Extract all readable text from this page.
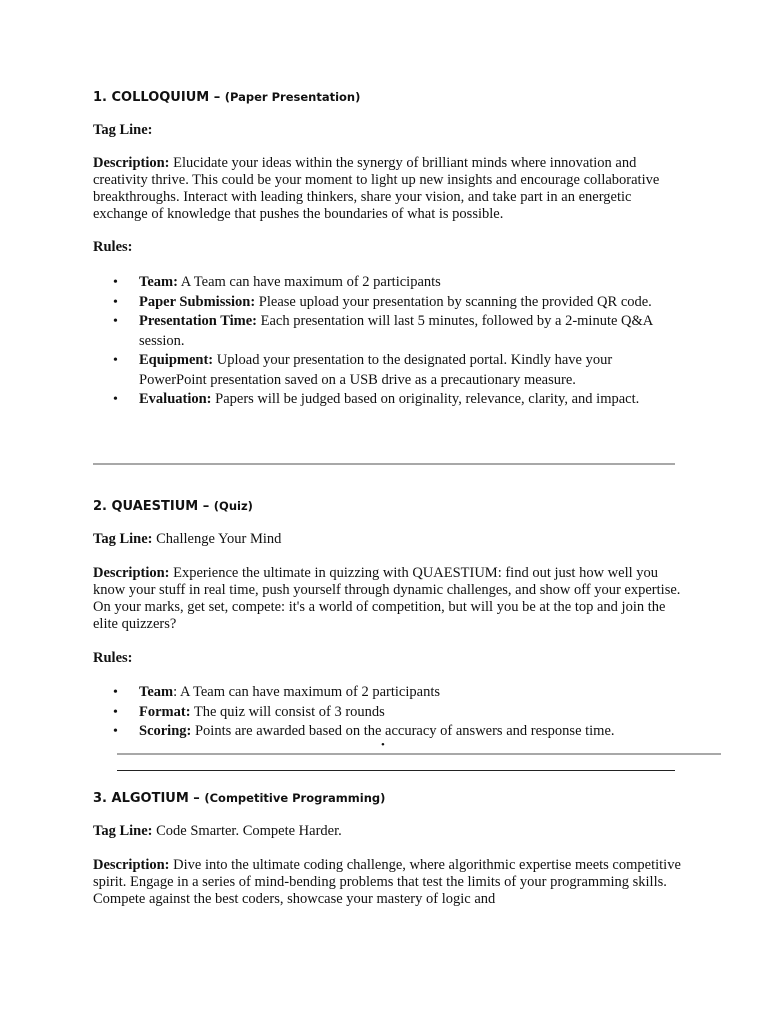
1. COLLOQUIUM – (Paper Presentation)
Tag Line:
Description: Elucidate your ideas within the synergy of brilliant minds where innovation and creativity thrive. This could be your moment to light up new insights and encourage collaborative breakthroughs. Interact with leading thinkers, share your vision, and take part in an energetic exchange of knowledge that pushes the boundaries of what is possible.
Rules:
• Team: A Team can have maximum of 2 participants
• Paper Submission: Please upload your presentation by scanning the provided QR code.
• Presentation Time: Each presentation will last 5 minutes, followed by a 2-minute Q&A session.
• Equipment: Upload your presentation to the designated portal. Kindly have your PowerPoint presentation saved on a USB drive as a precautionary measure.
• Evaluation: Papers will be judged based on originality, relevance, clarity, and impact.
2. QUAESTIUM – (Quiz)
Tag Line: Challenge Your Mind
Description: Experience the ultimate in quizzing with QUAESTIUM: find out just how well you know your stuff in real time, push yourself through dynamic challenges, and show off your expertise. On your marks, get set, compete: it's a world of competition, but will you be at the top and join the elite quizzers?
Rules:
• Team: A Team can have maximum of 2 participants
• Format: The quiz will consist of 3 rounds
• Scoring: Points are awarded based on the accuracy of answers and response time.
•
3. ALGOTIUM – (Competitive Programming)
Tag Line: Code Smarter. Compete Harder.
Description: Dive into the ultimate coding challenge, where algorithmic expertise meets competitive spirit. Engage in a series of mind-bending problems that test the limits of your programming skills. Compete against the best coders, showcase your mastery of logic and
